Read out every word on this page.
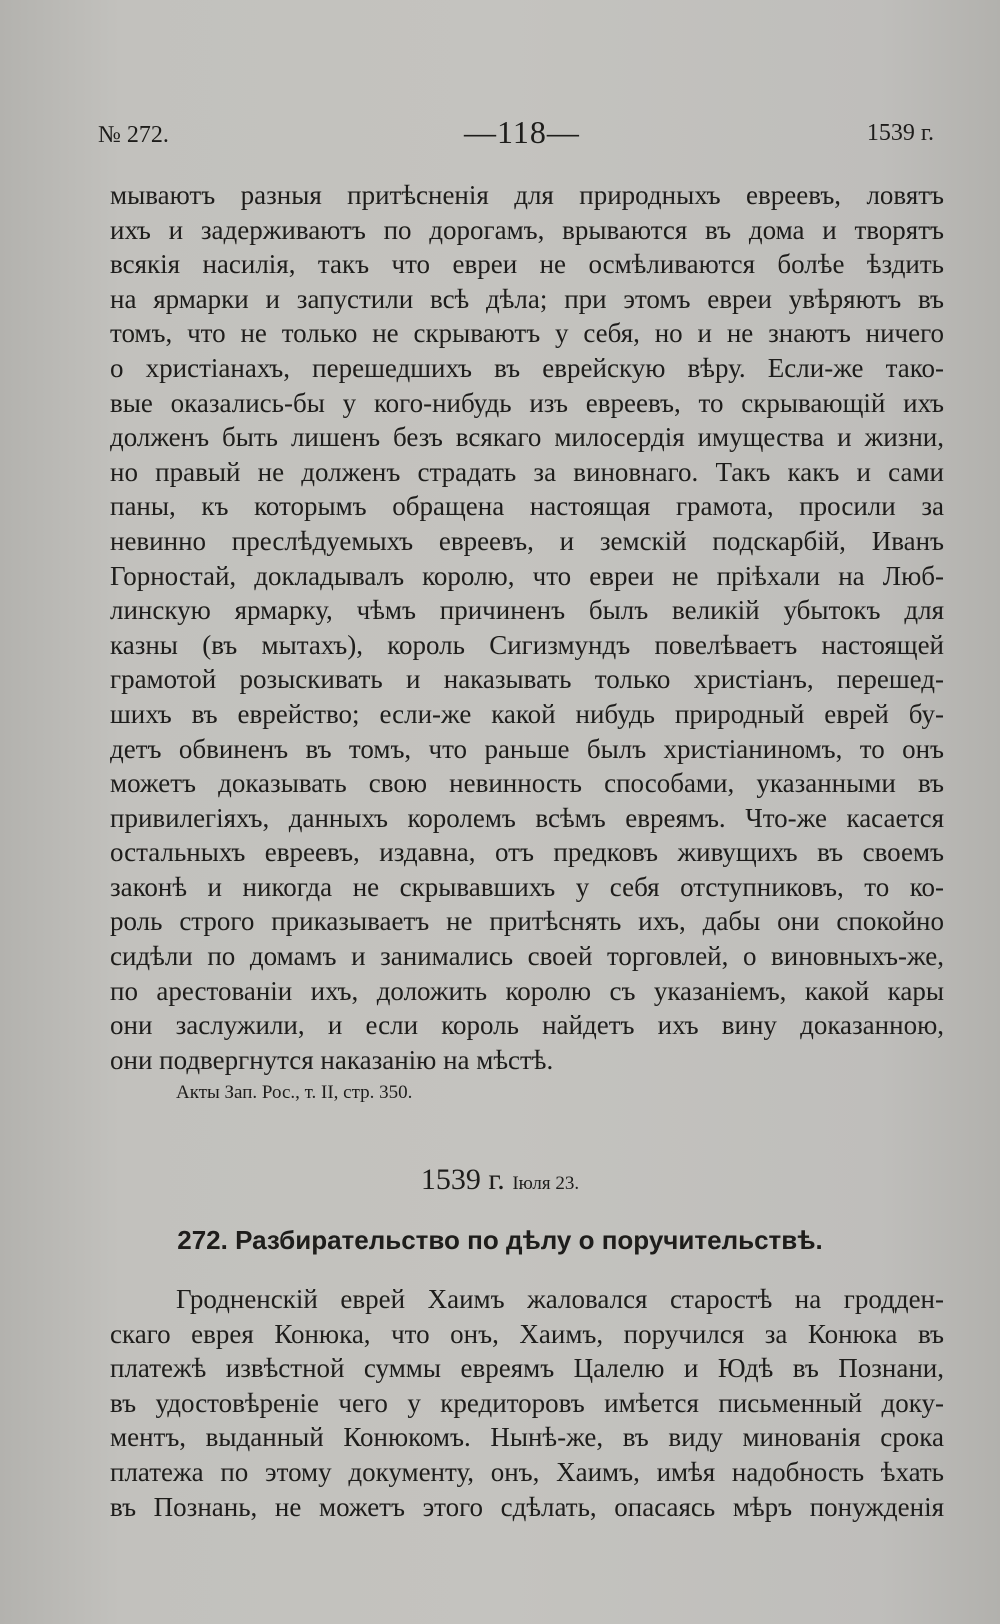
№ 272.	—118—	1539 г.
мываютъ разныя притѣсненія для природныхъ евреевъ, ловятъ
ихъ и задерживаютъ по дорогамъ, врываются въ дома и творятъ
всякія насилія, такъ что евреи не осмѣливаются болѣе ѣздить
на ярмарки и запустили всѣ дѣла; при этомъ евреи увѣряютъ въ
томъ, что не только не скрываютъ у себя, но и не знаютъ ничего
о христіанахъ, перешедшихъ въ еврейскую вѣру. Если-же тако-
вые оказались-бы у кого-нибудь изъ евреевъ, то скрывающій ихъ
долженъ быть лишенъ безъ всякаго милосердія имущества и жизни,
но правый не долженъ страдать за виновнаго. Такъ какъ и сами
паны, къ которымъ обращена настоящая грамота, просили за
невинно преслѣдуемыхъ евреевъ, и земскій подскарбій, Иванъ
Горностай, докладывалъ королю, что евреи не пріѣхали на Люб-
линскую ярмарку, чѣмъ причиненъ былъ великій убытокъ для
казны (въ мытахъ), король Сигизмундъ повелѣваетъ настоящей
грамотой розыскивать и наказывать только христіанъ, перешед-
шихъ въ еврейство; если-же какой нибудь природный еврей бу-
детъ обвиненъ въ томъ, что раньше былъ христіаниномъ, то онъ
можетъ доказывать свою невинность способами, указанными въ
привилегіяхъ, данныхъ королемъ всѣмъ евреямъ. Что-же касается
остальныхъ евреевъ, издавна, отъ предковъ живущихъ въ своемъ
законѣ и никогда не скрывавшихъ у себя отступниковъ, то ко-
роль строго приказываетъ не притѣснять ихъ, дабы они спокойно
сидѣли по домамъ и занимались своей торговлей, о виновныхъ-же,
по арестованіи ихъ, доложить королю съ указаніемъ, какой кары
они заслужили, и если король найдетъ ихъ вину доказанною,
они подвергнутся наказанію на мѣстѣ.
Акты Зап. Рос., т. II, стр. 350.
1539 г. Іюля 23.
272. Разбирательство по дѣлу о поручительствѣ.
Гродненскій еврей Хаимъ жаловался старостѣ на гродден-
скаго еврея Конюка, что онъ, Хаимъ, поручился за Конюка въ
платежѣ извѣстной суммы евреямъ Цалелю и Юдѣ въ Познани,
въ удостовѣреніе чего у кредиторовъ имѣется письменный доку-
ментъ, выданный Конюкомъ. Нынѣ-же, въ виду минованія срока
платежа по этому документу, онъ, Хаимъ, имѣя надобность ѣхать
въ Познань, не можетъ этого сдѣлать, опасаясь мѣръ понужденія
